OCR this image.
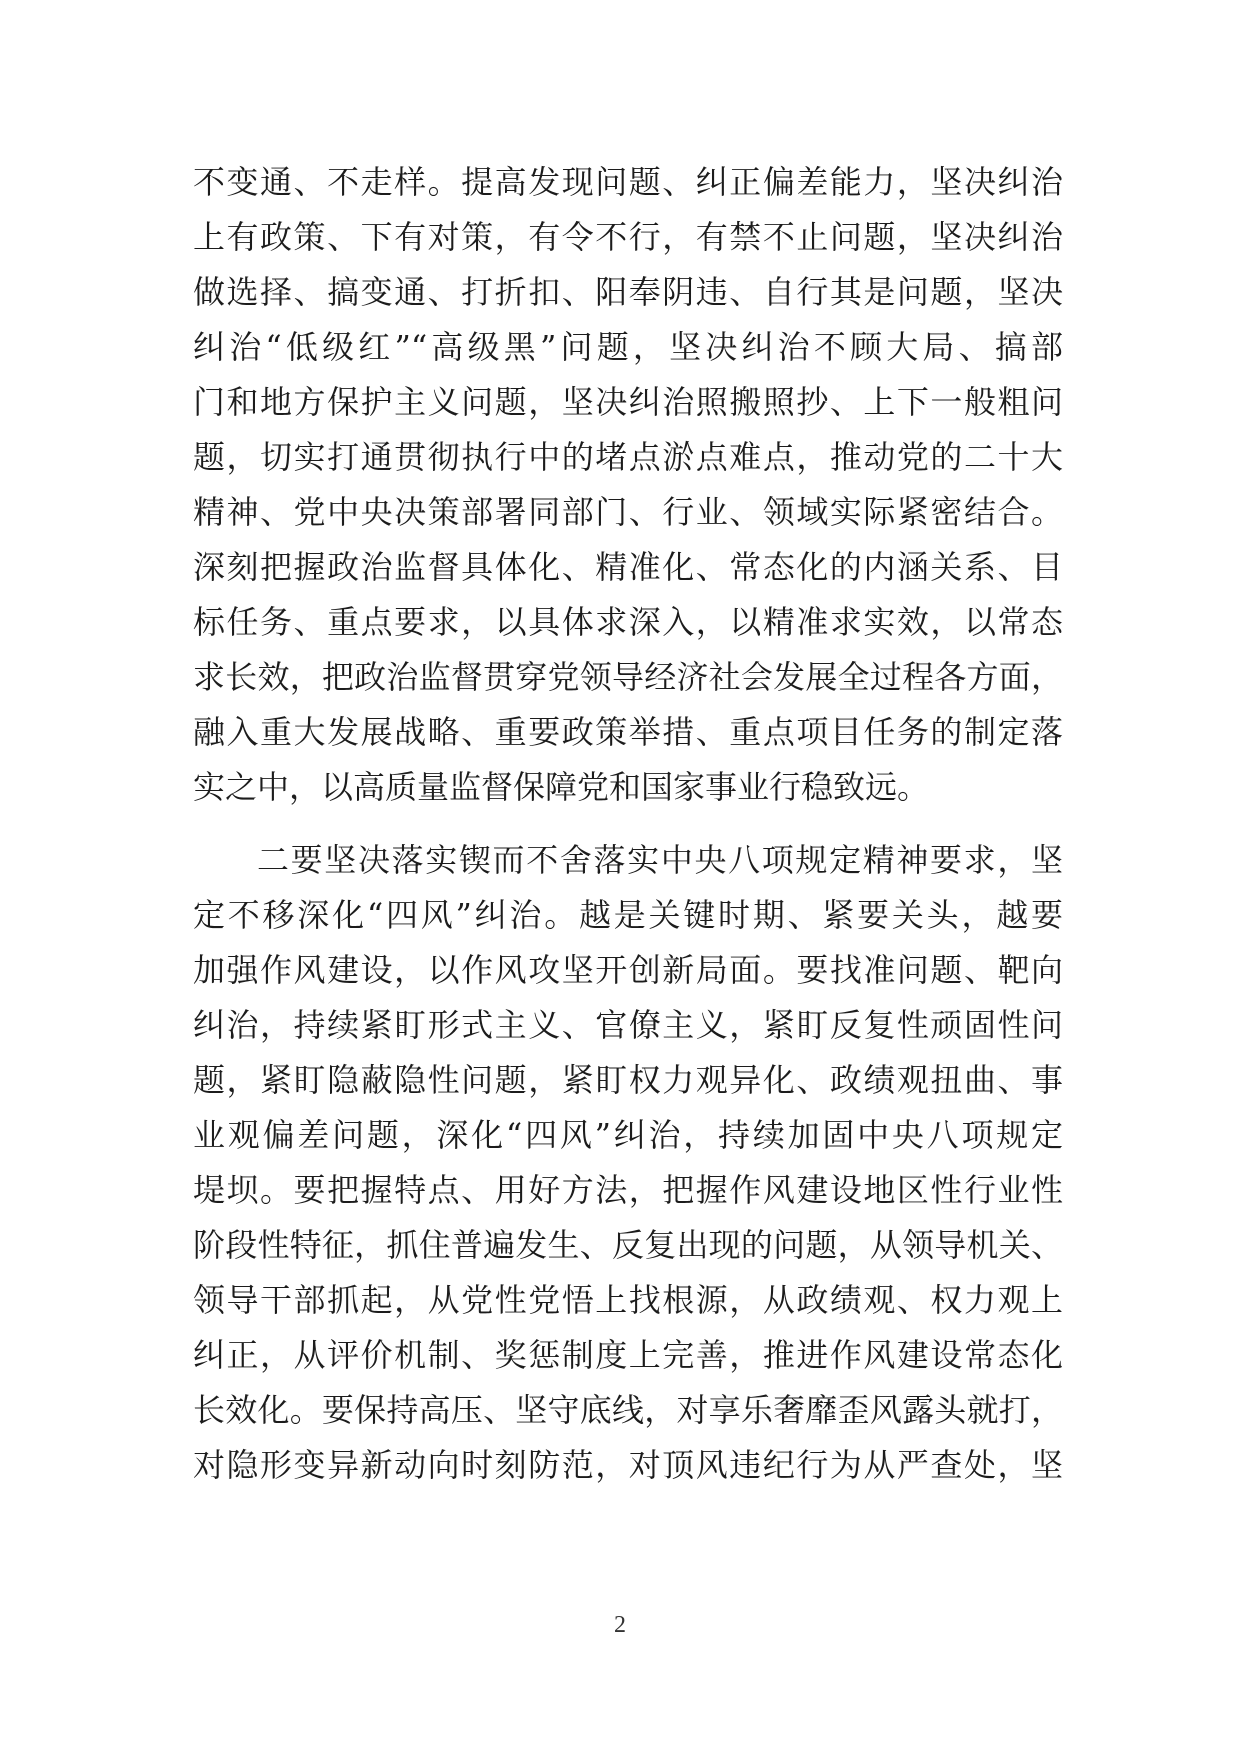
不变通、不走样。提高发现问题、纠正偏差能力，坚决纠治
上有政策、下有对策，有令不行，有禁不止问题，坚决纠治
做选择、搞变通、打折扣、阳奉阴违、自行其是问题，坚决
纠治“低级红”“高级黑”问题，坚决纠治不顾大局、搞部
门和地方保护主义问题，坚决纠治照搬照抄、上下一般粗问
题，切实打通贯彻执行中的堵点淤点难点，推动党的二十大
精神、党中央决策部署同部门、行业、领域实际紧密结合。
深刻把握政治监督具体化、精准化、常态化的内涵关系、目
标任务、重点要求，以具体求深入，以精准求实效，以常态
求长效，把政治监督贯穿党领导经济社会发展全过程各方面，
融入重大发展战略、重要政策举措、重点项目任务的制定落
实之中，以高质量监督保障党和国家事业行稳致远。
二要坚决落实锲而不舍落实中央八项规定精神要求，坚
定不移深化“四风”纠治。越是关键时期、紧要关头，越要
加强作风建设，以作风攻坚开创新局面。要找准问题、靶向
纠治，持续紧盯形式主义、官僚主义，紧盯反复性顽固性问
题，紧盯隐蔽隐性问题，紧盯权力观异化、政绩观扭曲、事
业观偏差问题，深化“四风”纠治，持续加固中央八项规定
堤坝。要把握特点、用好方法，把握作风建设地区性行业性
阶段性特征，抓住普遍发生、反复出现的问题，从领导机关、
领导干部抓起，从党性党悟上找根源，从政绩观、权力观上
纠正，从评价机制、奖惩制度上完善，推进作风建设常态化
长效化。要保持高压、坚守底线，对享乐奢靡歪风露头就打，
对隐形变异新动向时刻防范，对顶风违纪行为从严查处，坚
2
